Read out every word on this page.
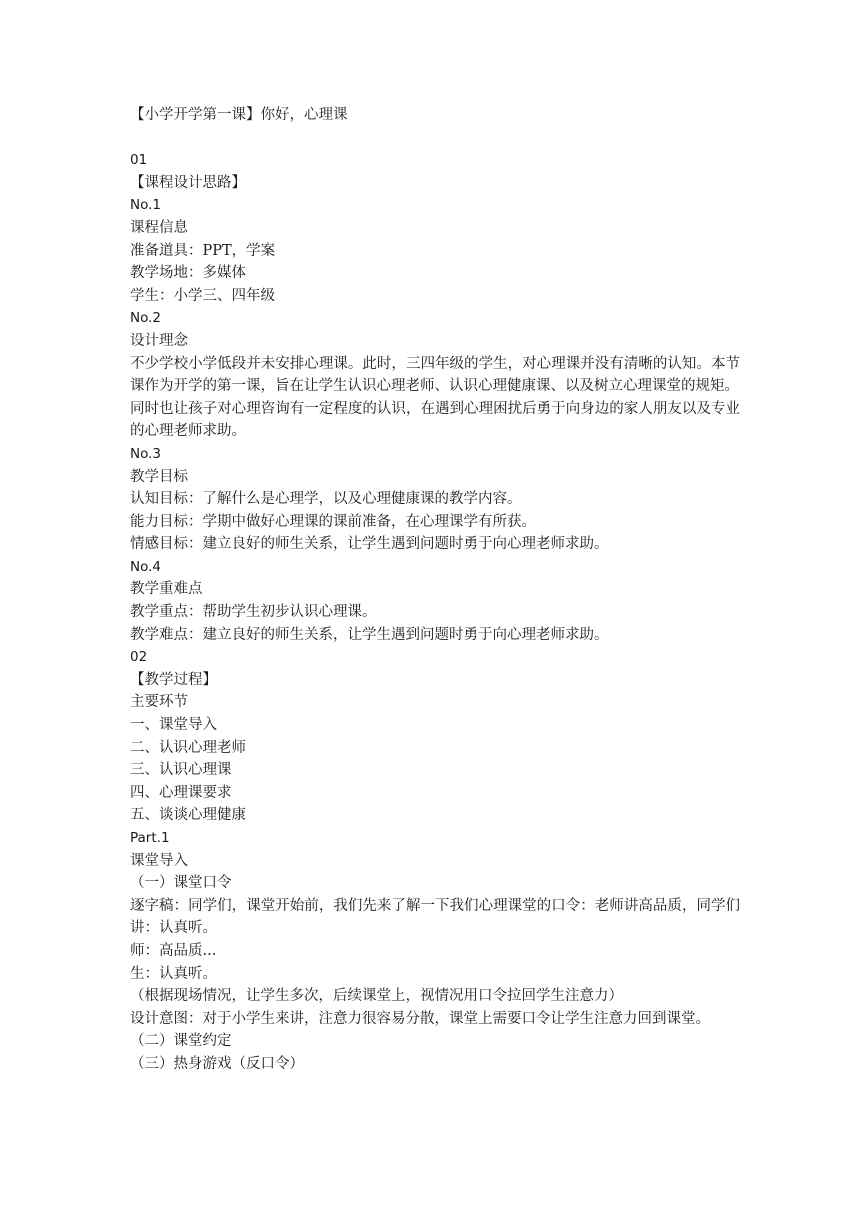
【小学开学第一课】你好，心理课

01

【课程设计思路】

No.1

课程信息

准备道具：PPT，学案

教学场地：多媒体

学生：小学三、四年级

No.2

设计理念

不少学校小学低段并未安排心理课。此时，三四年级的学生，对心理课并没有清晰的认知。本节课作为开学的第一课，旨在让学生认识心理老师、认识心理健康课、以及树立心理课堂的规矩。

同时也让孩子对心理咨询有一定程度的认识，在遇到心理困扰后勇于向身边的家人朋友以及专业的心理老师求助。

No.3

教学目标

认知目标：了解什么是心理学，以及心理健康课的教学内容。

能力目标：学期中做好心理课的课前准备，在心理课学有所获。

情感目标：建立良好的师生关系，让学生遇到问题时勇于向心理老师求助。

No.4

教学重难点

教学重点：帮助学生初步认识心理课。

教学难点：建立良好的师生关系，让学生遇到问题时勇于向心理老师求助。

02

【教学过程】

主要环节

一、课堂导入

二、认识心理老师

三、认识心理课

四、心理课要求

五、谈谈心理健康

Part.1

课堂导入

（一）课堂口令

逐字稿：同学们，课堂开始前，我们先来了解一下我们心理课堂的口令：老师讲高品质，同学们讲：认真听。

师：高品质...

生：认真听。

（根据现场情况，让学生多次，后续课堂上，视情况用口令拉回学生注意力）

设计意图：对于小学生来讲，注意力很容易分散，课堂上需要口令让学生注意力回到课堂。

（二）课堂约定

（三）热身游戏（反口令）
